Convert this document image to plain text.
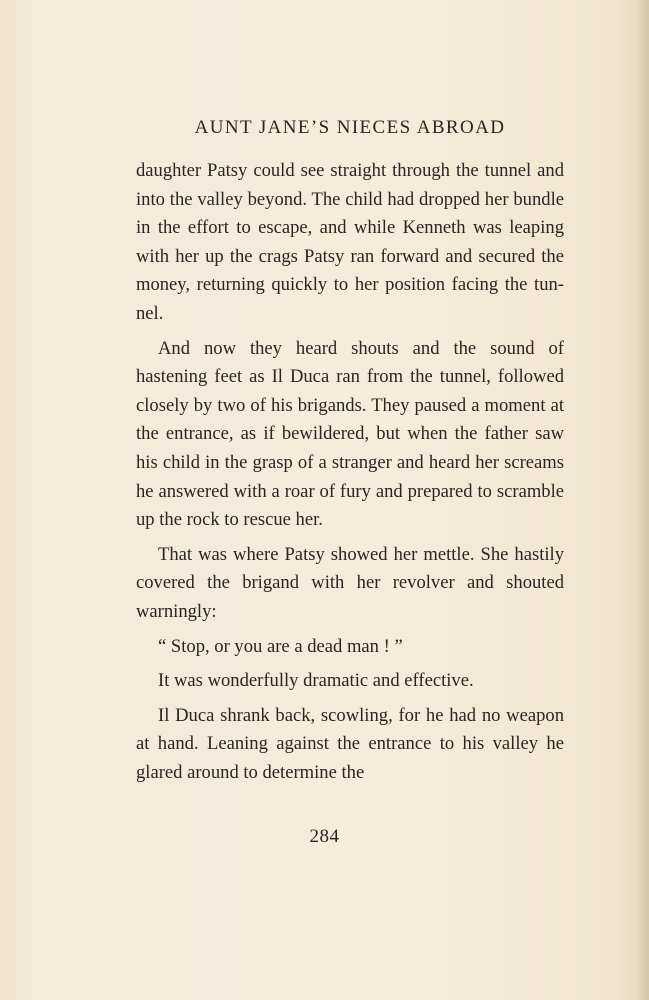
AUNT JANE’S NIECES ABROAD

daughter Patsy could see straight through the tunnel and into the valley beyond. The child had dropped her bundle in the effort to escape, and while Kenneth was leaping with her up the crags Patsy ran forward and secured the money, returning quickly to her position facing the tunnel.

And now they heard shouts and the sound of hastening feet as Il Duca ran from the tunnel, followed closely by two of his brigands. They paused a moment at the entrance, as if bewildered, but when the father saw his child in the grasp of a stranger and heard her screams he answered with a roar of fury and prepared to scramble up the rock to rescue her.

That was where Patsy showed her mettle. She hastily covered the brigand with her revolver and shouted warningly:

“ Stop, or you are a dead man ! ”

It was wonderfully dramatic and effective.

Il Duca shrank back, scowling, for he had no weapon at hand. Leaning against the entrance to his valley he glared around to determine the

284
